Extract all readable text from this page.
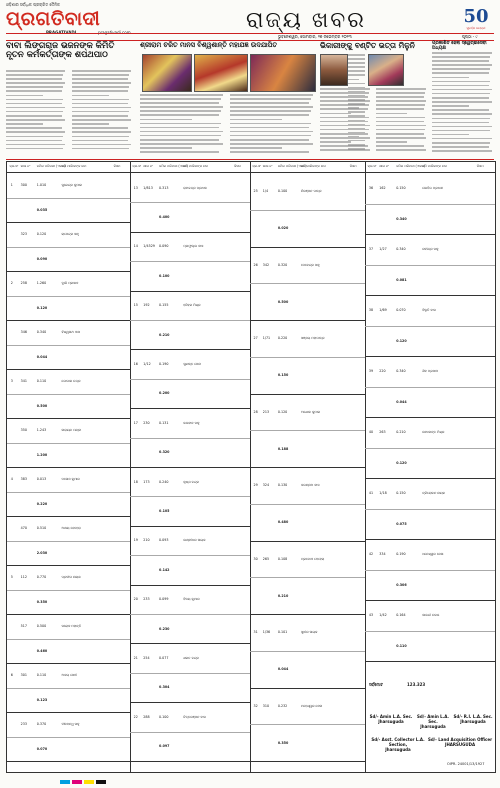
ଓଡ଼ିଶାର ସର୍ବାଧିକ ପ୍ରଚାରିତ ଦୈନିକ
ପ୍ରଗତିବାଦୀ
PRAGATIVADI	pragativadi.com	ରାଜ୍ୟ ଖବର	50
ସୁବର୍ଣ୍ଣ ଜୟନ୍ତୀ
ଭୁବନେଶ୍ୱର, ସୋମବାର, ୨୭ ନଭେମ୍ବର ୨୦୨୩	ପୃଷ୍ଠା - ୯
ବାବା ଲିଙ୍ଗରାଜ ଭଜନଙ୍କ କିମିତି ନୂତନ କର୍ମକର୍ତ୍ତାଙ୍କ ଶପଥପାଠ
ଶ୍ରୀରାମ ଚରିତ ମାନସ ବିଶ୍ୱଶାନ୍ତି ମହାଯଜ୍ଞ ଉଦଯାପିତ	ଭିକାରୀଙ୍କୁ ବଣ୍ଟିତ ଭତ୍ତା ମିଳୁନି	ପ୍ରକାଶିତ ହେଲା ସ୍ୱେଚ୍ଛାସେବୀ ଅଧ୍ୟକ୍ଷ
କ୍ର.ସଂ ଖାତା ନଂ ଜମିର ପରିମାଣ (ଏକର)
ଜମି ମାଲିକଙ୍କ ନାମ	କିସମ
1 300	1.010	ସୁରେନ୍ଦ୍ର କୁମାର
0.035
323	0.120	ରାଜେନ୍ଦ୍ର ସାହୁ
0.090
2 258	1.260	ଦୁର୍ଗା ପ୍ରସାଦ
0.120
346	0.340	ବିଶ୍ୱନାଥ ଦାସ
0.044
3 341	0.110	ଗୋପାଳ ଚନ୍ଦ୍ର
0.500
350	1.243	ନାରାୟଣ ପଣ୍ଡା
1.200
4 383	0.013	ମନୋଜ କୁମାର
0.220
470	0.510	ଅକ୍ଷୟ ବେହେରା
2.030
5 112	0.770	ପ୍ରଦୀପ ନାୟକ
0.350
517	0.500	ସରୋଜ ମହାନ୍ତି
0.460
6 301	0.110	ଅଜୟ ସେଠୀ
0.123
233	0.370	ଦୀନବନ୍ଧୁ ସାହୁ
0.070
କ୍ର.ସଂ ଖାତା ନଂ ଜମିର ପରିମାଣ (ଏକର)
ଜମି ମାଲିକଙ୍କ ନାମ	କିସମ
13 1/813 0.313	ରାମଚନ୍ଦ୍ର ପ୍ରଧାନ
0.400
14 1/4529 0.090	ପ୍ରଫୁଲ୍ଲ ଦାସ
0.100
15 192	0.155	ହରିହର ମିଶ୍ର
0.210
16 1/12	0.190	ସୁଶାନ୍ତ ଜେନା
0.200
17 230	0.131	ଭଗବାନ ସାହୁ
0.320
18 173	0.240	କୃଷ୍ଣ ଚନ୍ଦ୍ର
0.105
19 210	0.093	ଲକ୍ଷ୍ମୀଧର ନାୟକ
0.142
20 233	0.099	ବିଜୟ କୁମାର
0.230
21 254	0.077	ଶରତ ଚନ୍ଦ୍ର
0.304
22 288	0.100	ଚିତ୍ତରଞ୍ଜନ ଦାସ
0.097
କ୍ର.ସଂ ଖାତା ନଂ ଜମିର ପରିମାଣ (ଏକର)
ଜମି ମାଲିକଙ୍କ ନାମ	କିସମ
25 1/4	0.100	ନିରଞ୍ଜନ ପାତ୍ର
0.020
26 342	0.320	ଦେବେନ୍ଦ୍ର ସାହୁ
0.500
27 1/71 0.220	ସଞ୍ଜୟ ମହାପାତ୍ର
0.150
28 213	0.120	ଅଶୋକ କୁମାର
0.188
29 324	0.130	ଜଗନ୍ନାଥ ଦାସ
0.480
30 265	0.108	ପ୍ରମୋଦ ବେହେରା
0.210
31 1/36 0.101	ସୁଧୀର ନାୟକ
0.044
32 310	0.232	ମହେଶ୍ୱର ଜେନା
0.350
କ୍ର.ସଂ ଖାତା ନଂ ଜମିର ପରିମାଣ (ଏକର)
ଜମି ମାଲିକଙ୍କ ନାମ	କିସମ
36 162	0.150	ଗୋବିନ୍ଦ ପ୍ରଧାନ
0.340
37 1/27	0.340	ରବୀନ୍ଦ୍ର ସାହୁ
0.081
38 1/69	0.070	ବିଭୂତି ଦାସ
0.120
39 220	0.340	ଶିବ ପ୍ରସାଦ
0.044
40 263	0.210	ଉମାକାନ୍ତ ମିଶ୍ର
0.120
41 1/18	0.150	ତ୍ରିଲୋଚନ ନାୟକ
0.075
42 334	0.190	ଧନେଶ୍ୱର ଜେନା
0.306
43 1/42	0.164	କାଳନ୍ଦୀ ଚରଣ
0.110
ସର୍ବମୋଟ	123.323
Sd/- Amin L.A. Sec.
Jharsuguda
Sd/- Amin L.A. Sec.
Jharsuguda
Sd/- R.I. L.A. Sec.
Jharsuguda
Sd/- Asst. Collector L.A. Section,
Jharsuguda
Sd/- Land Acquisition Officer
JHARSUGUDA
OIPR- 24001/13/1927
